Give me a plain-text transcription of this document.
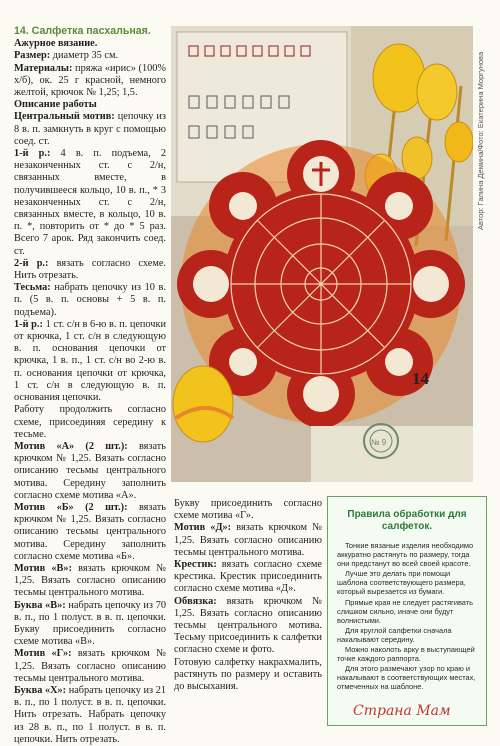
14. Салфетка пасхальная.

Ажурное вязание.

Размер: диаметр 35 см.

Материалы: пряжа «ирис» (100% х/б), ок. 25 г красной, немного желтой, крючок № 1,25; 1,5.

Описание работы

Центральный мотив: цепочку из 8 в. п. замкнуть в круг с помощью соед. ст.

1-й р.: 4 в. п. подъема, 2 незаконченных ст. с 2/н, связанных вместе, в получившееся кольцо, 10 в. п., * 3 незаконченных ст. с 2/н, связанных вместе, в кольцо, 10 в. п. *, повторить от * до * 5 раз. Всего 7 арок. Ряд закончить соед. ст.

2-й р.: вязать согласно схеме. Нить отрезать.

Тесьма: набрать цепочку из 10 в. п. (5 в. п. основы + 5 в. п. подъема).

1-й р.: 1 ст. с/н в 6-ю в. п. цепочки от крючка, 1 ст. с/н в следующую в. п. основания цепочки от крючка, 1 в. п., 1 ст. с/н во 2-ю в. п. основания цепочки от крючка, 1 ст. с/н в следующую в. п. основания цепочки.

Работу продолжить согласно схеме, присоединяя середину к тесьме.

Мотив «А» (2 шт.): вязать крючком № 1,25. Вязать согласно описанию тесьмы центрального мотива. Середину заполнить согласно схеме мотива «А».

Мотив «Б» (2 шт.): вязать крючком № 1,25. Вязать согласно описанию тесьмы центрального мотива. Середину заполнить согласно схеме мотива «Б».

Мотив «В»: вязать крючком № 1,25. Вязать согласно описанию тесьмы центрального мотива.

Буква «В»: набрать цепочку из 70 в. п., по 1 полуст. в в. п. цепочки. Букву присоединить согласно схеме мотива «В».

Мотив «Г»: вязать крючком № 1,25. Вязать согласно описанию тесьмы центрального мотива.

Буква «Х»: набрать цепочку из 21 в. п., по 1 полуст. в в. п. цепочки. Нить отрезать. Набрать цепочку из 28 в. п., по 1 полуст. в в. п. цепочки. Нить отрезать.

Букву присоединить согласно схеме мотива «Г».

Мотив «Д»: вязать крючком № 1,25. Вязать согласно описанию тесьмы центрального мотива.

Крестик: вязать согласно схеме крестика. Крестик присоединить согласно схеме мотива «Д».

Обвязка: вязать крючком № 1,25. Вязать согласно описанию тесьмы центрального мотива. Тесьму присоединить к салфетки согласно схеме и фото.

Готовую салфетку накрахмалить, растянуть по размеру и оставить до высыхания.

№ 9
14
Автор: Галина Демина/Фото: Екатерина Моргунова
Правила обработки для салфеток.

Тонкие вязаные изделия необходимо аккуратно растянуть по размеру, тогда они предстанут во всей своей красоте.

Лучше это делать при помощи шаблона соответствующего размера, который вырезается из бумаги.

Прямые края не следует растягивать слишком сильно, иначе они будут волнистыми.

Для круглой салфетки сначала накалывают середину.

Можно наколоть арку в выступающей точке каждого раппорта.

Для этого размечают узор по краю и накалывают в соответствующих местах, отмеченных на шаблоне.

Страна Мам
